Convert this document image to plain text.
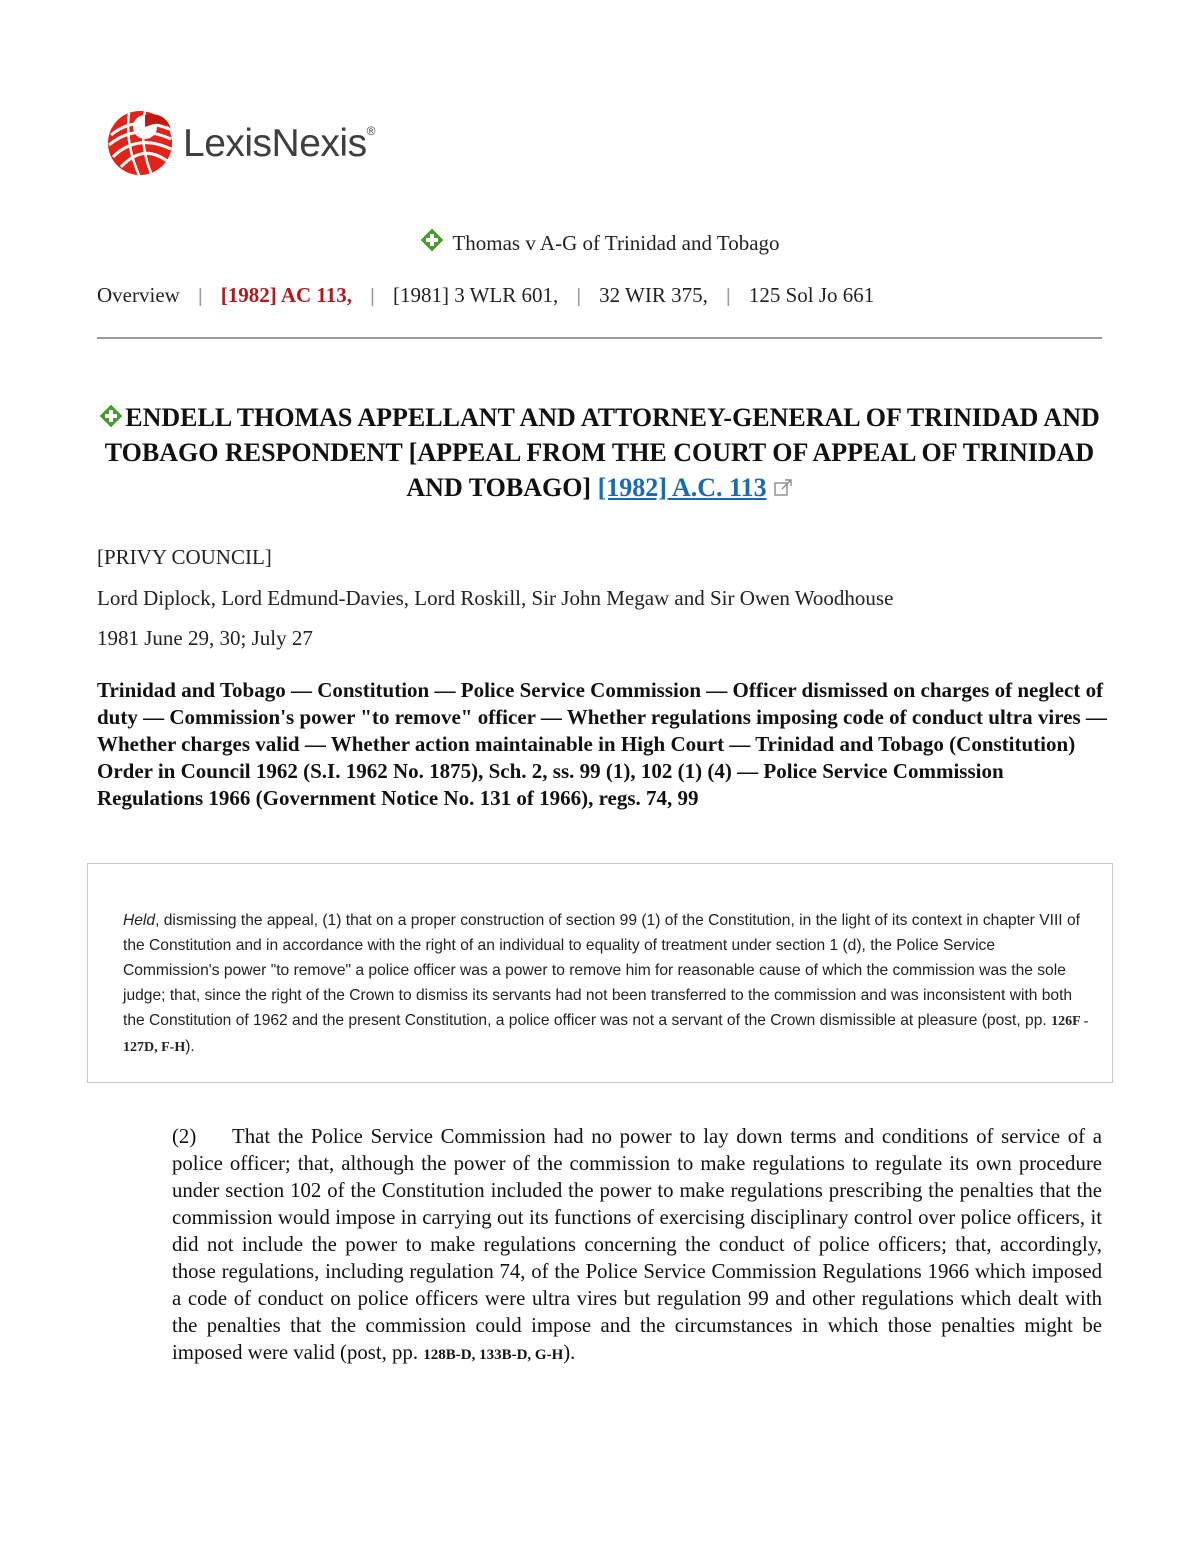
LexisNexis®
Thomas v A-G of Trinidad and Tobago
Overview | [1982] AC 113, | [1981] 3 WLR 601, | 32 WIR 375, | 125 Sol Jo 661
ENDELL THOMAS APPELLANT AND ATTORNEY-GENERAL OF TRINIDAD AND TOBAGO RESPONDENT [APPEAL FROM THE COURT OF APPEAL OF TRINIDAD AND TOBAGO] [1982] A.C. 113
[PRIVY COUNCIL]
Lord Diplock, Lord Edmund-Davies, Lord Roskill, Sir John Megaw and Sir Owen Woodhouse
1981 June 29, 30; July 27
Trinidad and Tobago — Constitution — Police Service Commission — Officer dismissed on charges of neglect of duty — Commission's power "to remove" officer — Whether regulations imposing code of conduct ultra vires — Whether charges valid — Whether action maintainable in High Court — Trinidad and Tobago (Constitution) Order in Council 1962 (S.I. 1962 No. 1875), Sch. 2, ss. 99 (1), 102 (1) (4) — Police Service Commission Regulations 1966 (Government Notice No. 131 of 1966), regs. 74, 99
Held, dismissing the appeal, (1) that on a proper construction of section 99 (1) of the Constitution, in the light of its context in chapter VIII of the Constitution and in accordance with the right of an individual to equality of treatment under section 1 (d), the Police Service Commission's power "to remove" a police officer was a power to remove him for reasonable cause of which the commission was the sole judge; that, since the right of the Crown to dismiss its servants had not been transferred to the commission and was inconsistent with both the Constitution of 1962 and the present Constitution, a police officer was not a servant of the Crown dismissible at pleasure (post, pp. 126F - 127D, F-H).
(2) That the Police Service Commission had no power to lay down terms and conditions of service of a police officer; that, although the power of the commission to make regulations to regulate its own procedure under section 102 of the Constitution included the power to make regulations prescribing the penalties that the commission would impose in carrying out its functions of exercising disciplinary control over police officers, it did not include the power to make regulations concerning the conduct of police officers; that, accordingly, those regulations, including regulation 74, of the Police Service Commission Regulations 1966 which imposed a code of conduct on police officers were ultra vires but regulation 99 and other regulations which dealt with the penalties that the commission could impose and the circumstances in which those penalties might be imposed were valid (post, pp. 128B-D, 133B-D, G-H).
